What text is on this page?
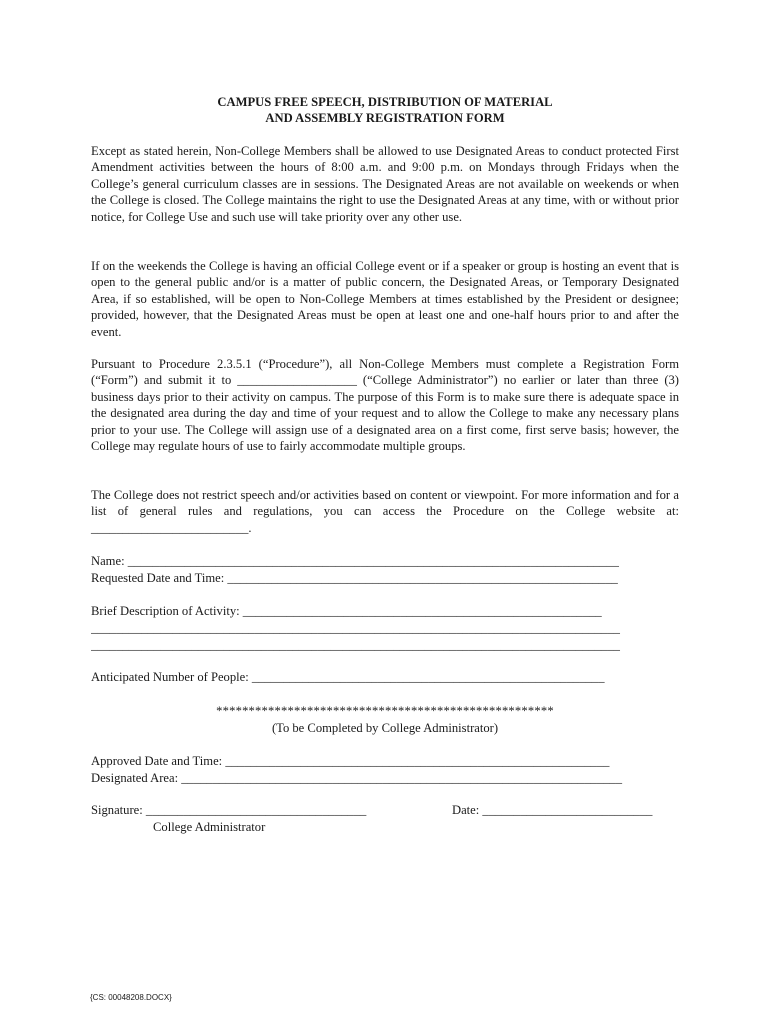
CAMPUS FREE SPEECH, DISTRIBUTION OF MATERIAL
AND ASSEMBLY REGISTRATION FORM

Except as stated herein, Non-College Members shall be allowed to use Designated Areas to conduct protected First Amendment activities between the hours of 8:00 a.m. and 9:00 p.m. on Mondays through Fridays when the College’s general curriculum classes are in sessions. The Designated Areas are not available on weekends or when the College is closed. The College maintains the right to use the Designated Areas at any time, with or without prior notice, for College Use and such use will take priority over any other use.

If on the weekends the College is having an official College event or if a speaker or group is hosting an event that is open to the general public and/or is a matter of public concern, the Designated Areas, or Temporary Designated Area, if so established, will be open to Non-College Members at times established by the President or designee; provided, however, that the Designated Areas must be open at least one and one-half hours prior to and after the event.

Pursuant to Procedure 2.3.5.1 (“Procedure”), all Non-College Members must complete a Registration Form (“Form”) and submit it to ___________________ (“College Administrator”) no earlier or later than three (3) business days prior to their activity on campus. The purpose of this Form is to make sure there is adequate space in the designated area during the day and time of your request and to allow the College to make any necessary plans prior to your use. The College will assign use of a designated area on a first come, first serve basis; however, the College may regulate hours of use to fairly accommodate multiple groups.

The College does not restrict speech and/or activities based on content or viewpoint. For more information and for a list of general rules and regulations, you can access the Procedure on the College website at: _________________________.

Name: ______________________________________________________________________________
Requested Date and Time: ______________________________________________________________
Brief Description of Activity: _________________________________________________________
____________________________________________________________________________________
____________________________________________________________________________________
Anticipated Number of People: ________________________________________________________
****************************************************
(To be Completed by College Administrator)
Approved Date and Time: _____________________________________________________________
Designated Area: ______________________________________________________________________
Signature: ___________________________________	Date: ___________________________
College Administrator
{CS: 00048208.DOCX}
